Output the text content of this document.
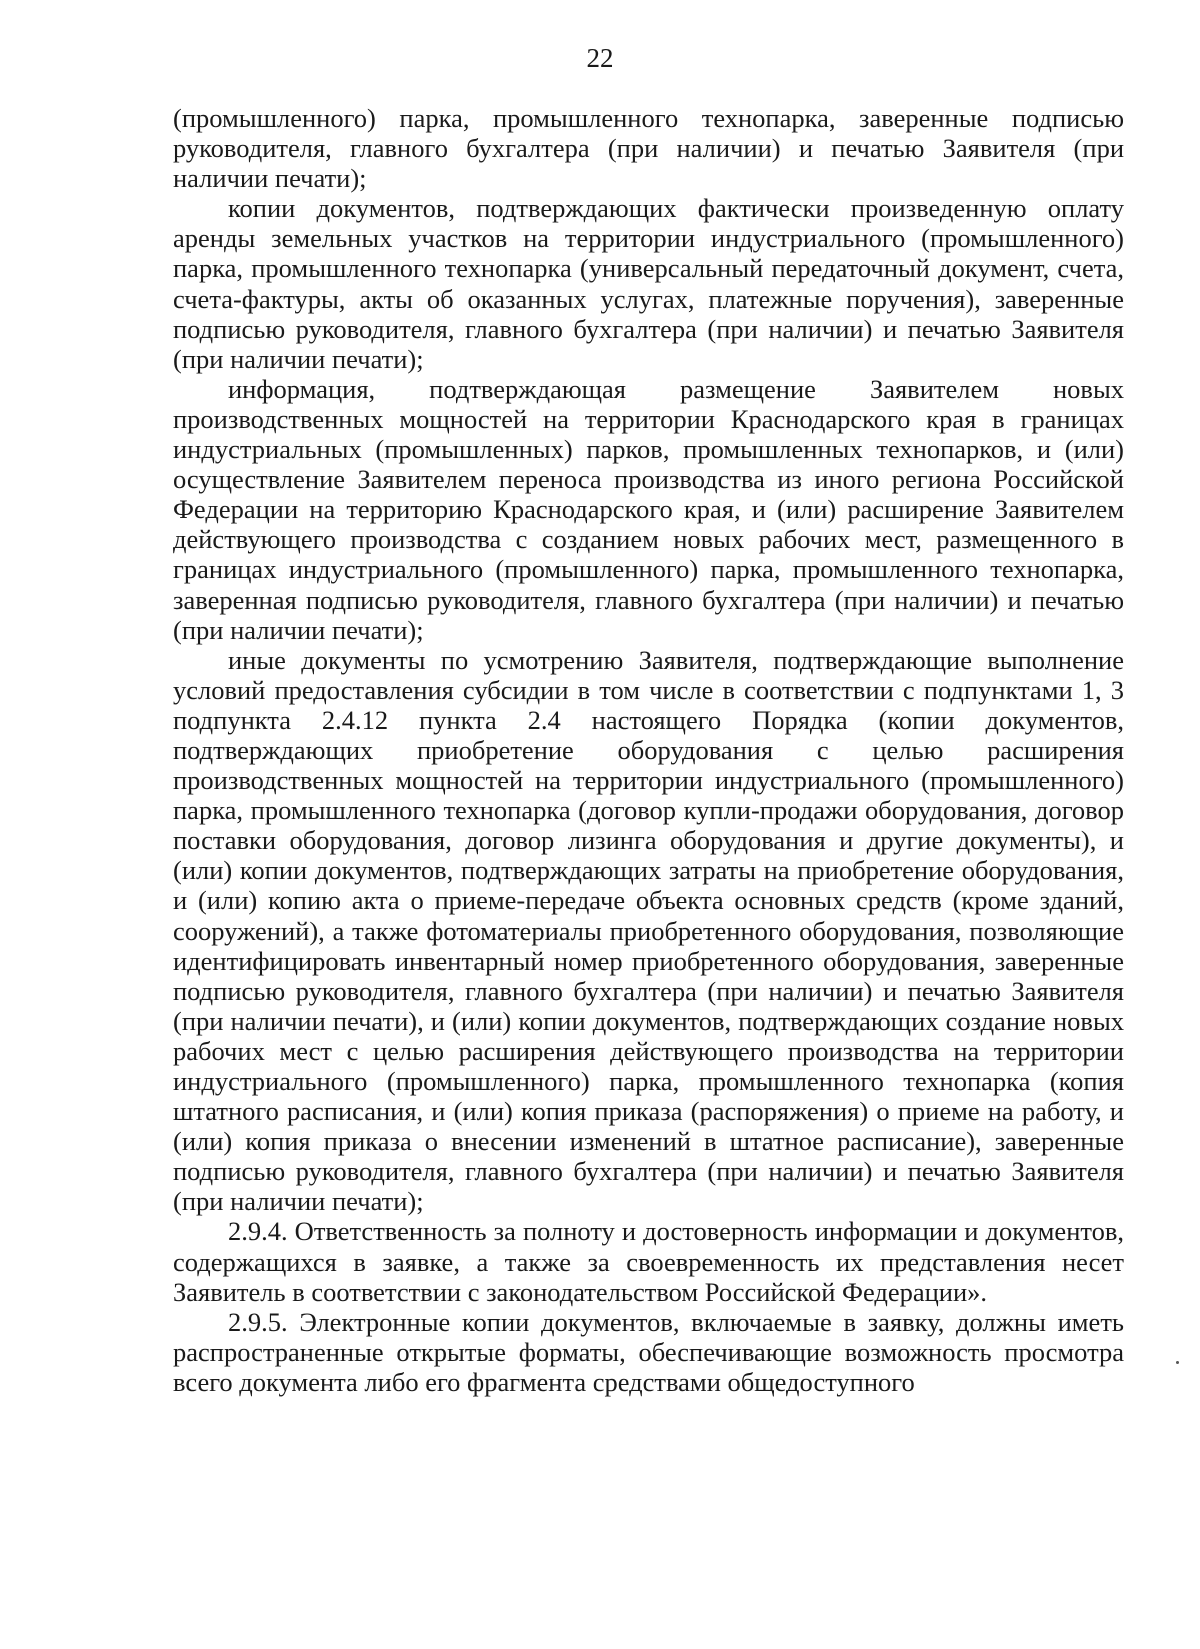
22

(промышленного) парка, промышленного технопарка, заверенные подписью руководителя, главного бухгалтера (при наличии) и печатью Заявителя (при наличии печати);

копии документов, подтверждающих фактически произведенную оплату аренды земельных участков на территории индустриального (промышленного) парка, промышленного технопарка (универсальный передаточный документ, счета, счета-фактуры, акты об оказанных услугах, платежные поручения), заверенные подписью руководителя, главного бухгалтера (при наличии) и печатью Заявителя (при наличии печати);

информация, подтверждающая размещение Заявителем новых производственных мощностей на территории Краснодарского края в границах индустриальных (промышленных) парков, промышленных технопарков, и (или) осуществление Заявителем переноса производства из иного региона Российской Федерации на территорию Краснодарского края, и (или) расширение Заявителем действующего производства с созданием новых рабочих мест, размещенного в границах индустриального (промышленного) парка, промышленного технопарка, заверенная подписью руководителя, главного бухгалтера (при наличии) и печатью (при наличии печати);

иные документы по усмотрению Заявителя, подтверждающие выполнение условий предоставления субсидии в том числе в соответствии с подпунктами 1, 3 подпункта 2.4.12 пункта 2.4 настоящего Порядка (копии документов, подтверждающих приобретение оборудования с целью расширения производственных мощностей на территории индустриального (промышленного) парка, промышленного технопарка (договор купли-продажи оборудования, договор поставки оборудования, договор лизинга оборудования и другие документы), и (или) копии документов, подтверждающих затраты на приобретение оборудования, и (или) копию акта о приеме-передаче объекта основных средств (кроме зданий, сооружений), а также фотоматериалы приобретенного оборудования, позволяющие идентифицировать инвентарный номер приобретенного оборудования, заверенные подписью руководителя, главного бухгалтера (при наличии) и печатью Заявителя (при наличии печати), и (или) копии документов, подтверждающих создание новых рабочих мест с целью расширения действующего производства на территории индустриального (промышленного) парка, промышленного технопарка (копия штатного расписания, и (или) копия приказа (распоряжения) о приеме на работу, и (или) копия приказа о внесении изменений в штатное расписание), заверенные подписью руководителя, главного бухгалтера (при наличии) и печатью Заявителя (при наличии печати);

2.9.4. Ответственность за полноту и достоверность информации и документов, содержащихся в заявке, а также за своевременность их представления несет Заявитель в соответствии с законодательством Российской Федерации».

2.9.5. Электронные копии документов, включаемые в заявку, должны иметь распространенные открытые форматы, обеспечивающие возможность просмотра всего документа либо его фрагмента средствами общедоступного
